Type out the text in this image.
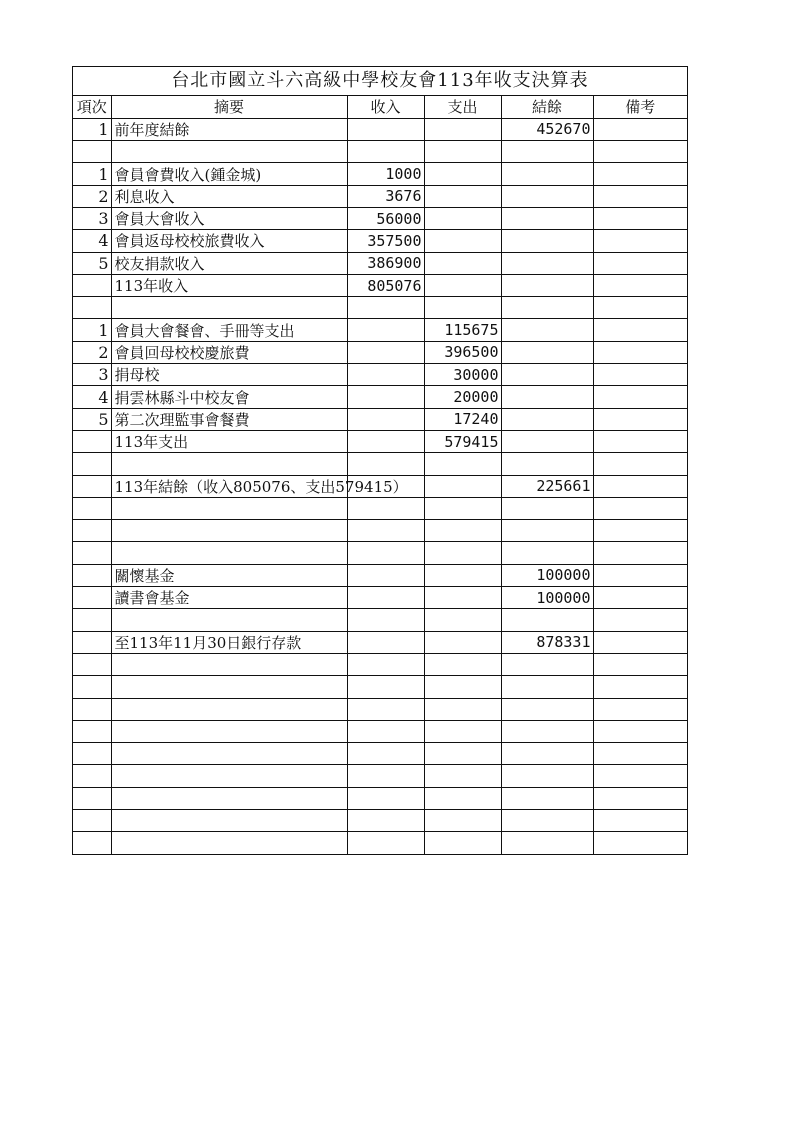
台北市國立斗六高級中學校友會113年收支決算表
項次	摘要	收入	支出	結餘	備考
1	前年度結餘			452670	

1	會員會費收入(鍾金城)	1000			
2	利息收入	3676			
3	會員大會收入	56000			
4	會員返母校校旅費收入	357500			
5	校友捐款收入	386900			
	113年收入	805076			

1	會員大會餐會、手冊等支出		115675		
2	會員回母校校慶旅費		396500		
3	捐母校		30000		
4	捐雲林縣斗中校友會		20000		
5	第二次理監事會餐費		17240		
	113年支出		579415		

	113年結餘（收入805076、支出579415）			225661	

	關懷基金			100000	
	讀書會基金			100000	

	至113年11月30日銀行存款			878331	
